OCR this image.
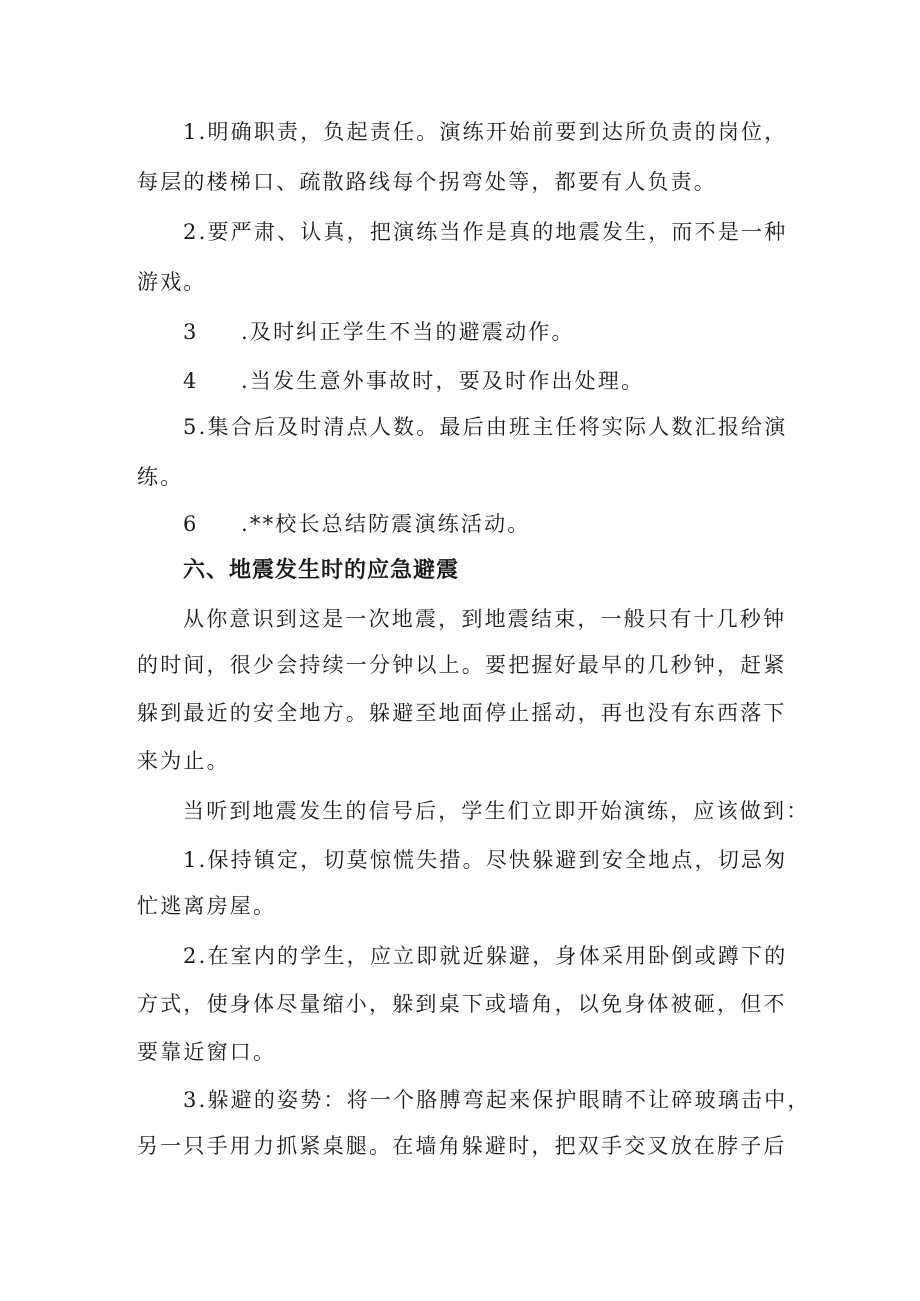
1.明确职责，负起责任。演练开始前要到达所负责的岗位，
每层的楼梯口、疏散路线每个拐弯处等，都要有人负责。
2.要严肃、认真，把演练当作是真的地震发生，而不是一种
游戏。
3 .及时纠正学生不当的避震动作。
4 .当发生意外事故时，要及时作出处理。
5.集合后及时清点人数。最后由班主任将实际人数汇报给演
练。
6 .**校长总结防震演练活动。
六、地震发生时的应急避震
从你意识到这是一次地震，到地震结束，一般只有十几秒钟
的时间，很少会持续一分钟以上。要把握好最早的几秒钟，赶紧
躲到最近的安全地方。躲避至地面停止摇动，再也没有东西落下
来为止。
当听到地震发生的信号后，学生们立即开始演练，应该做到：
1.保持镇定，切莫惊慌失措。尽快躲避到安全地点，切忌匆
忙逃离房屋。
2.在室内的学生，应立即就近躲避，身体采用卧倒或蹲下的
方式，使身体尽量缩小，躲到桌下或墙角，以免身体被砸，但不
要靠近窗口。
3.躲避的姿势：将一个胳膊弯起来保护眼睛不让碎玻璃击中，
另一只手用力抓紧桌腿。在墙角躲避时，把双手交叉放在脖子后
